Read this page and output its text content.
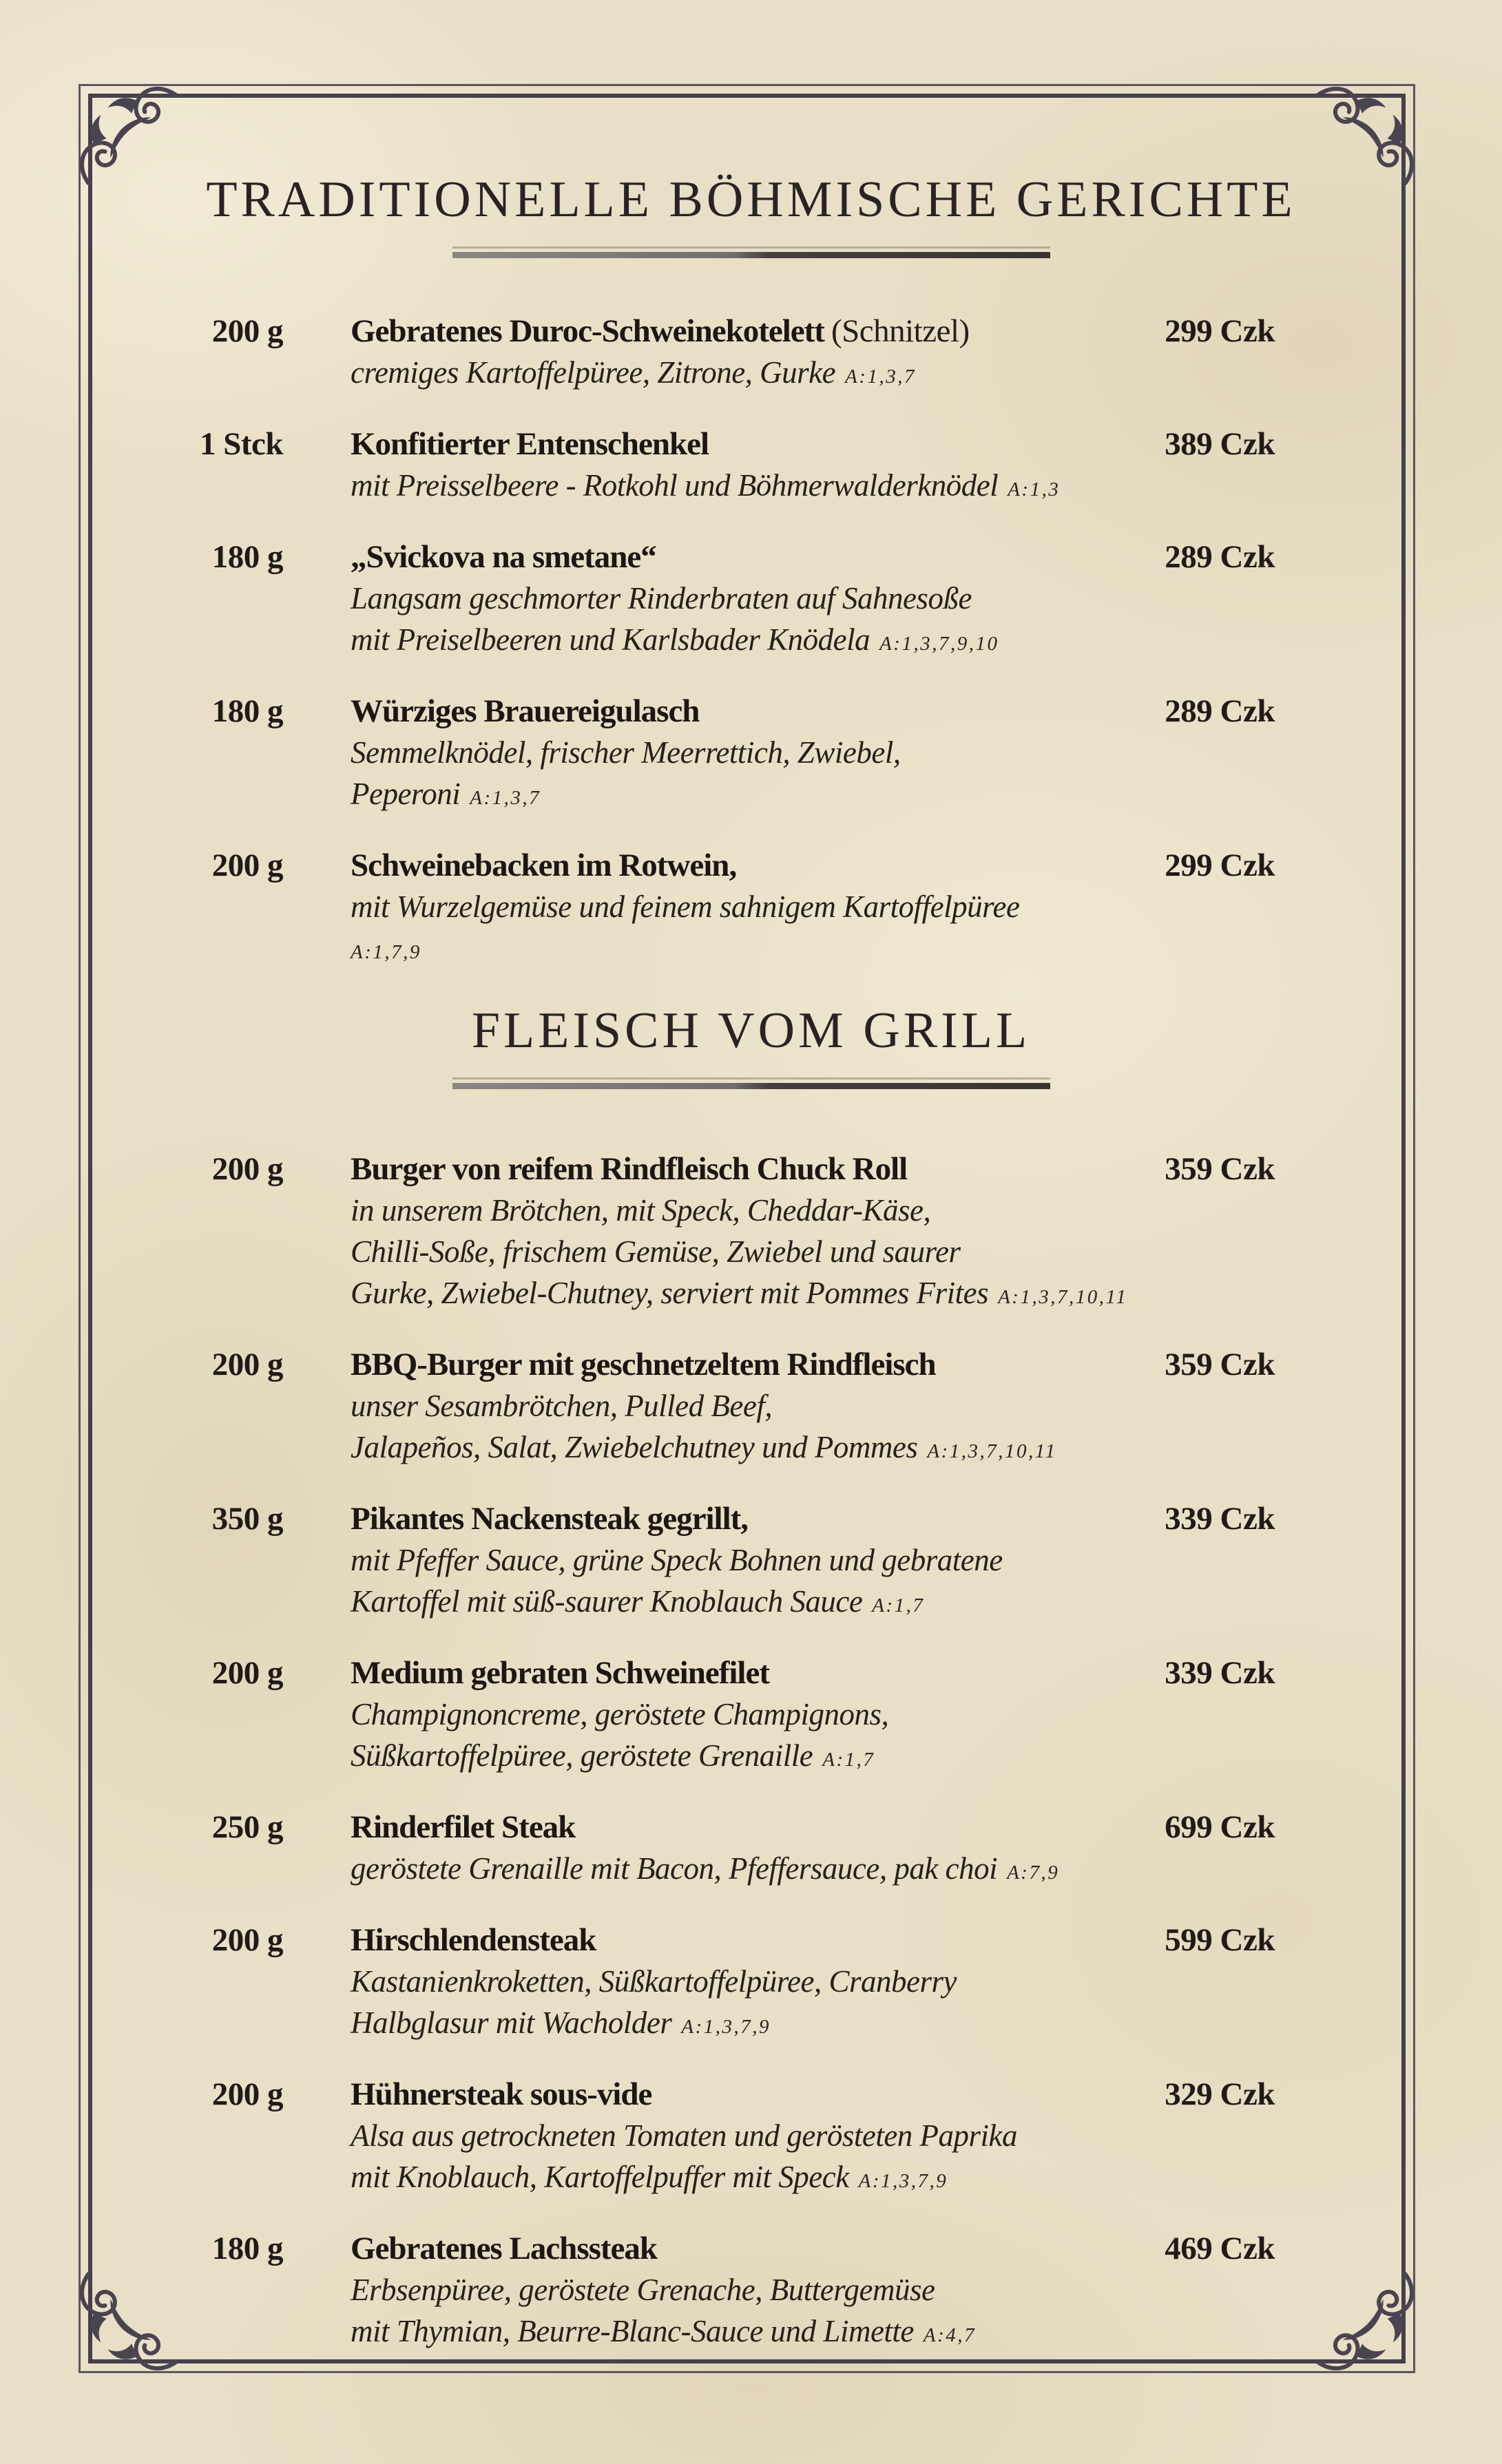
TRADITIONELLE BÖHMISCHE GERICHTE
200 g	Gebratenes Duroc-Schweinekotelett (Schnitzel)	299 Czk
cremiges Kartoffelpüree, Zitrone, Gurke A:1,3,7
1 Stck	Konfitierter Entenschenkel	389 Czk
mit Preisselbeere - Rotkohl und Böhmerwalderknödel A:1,3
180 g	„Svickova na smetane“	289 Czk
Langsam geschmorter Rinderbraten auf Sahnesoße
mit Preiselbeeren und Karlsbader Knödela A:1,3,7,9,10
180 g	Würziges Brauereigulasch	289 Czk
Semmelknödel, frischer Meerrettich, Zwiebel,
Peperoni A:1,3,7
200 g	Schweinebacken im Rotwein,	299 Czk
mit Wurzelgemüse und feinem sahnigem Kartoffelpüree
A:1,7,9
FLEISCH VOM GRILL
200 g	Burger von reifem Rindfleisch Chuck Roll	359 Czk
in unserem Brötchen, mit Speck, Cheddar-Käse,
Chilli-Soße, frischem Gemüse, Zwiebel und saurer
Gurke, Zwiebel-Chutney, serviert mit Pommes Frites A:1,3,7,10,11
200 g	BBQ-Burger mit geschnetzeltem Rindfleisch	359 Czk
unser Sesambrötchen, Pulled Beef,
Jalapeños, Salat, Zwiebelchutney und Pommes A:1,3,7,10,11
350 g	Pikantes Nackensteak gegrillt,	339 Czk
mit Pfeffer Sauce, grüne Speck Bohnen und gebratene
Kartoffel mit süß-saurer Knoblauch Sauce A:1,7
200 g	Medium gebraten Schweinefilet	339 Czk
Champignoncreme, geröstete Champignons,
Süßkartoffelpüree, geröstete Grenaille A:1,7
250 g	Rinderfilet Steak	699 Czk
geröstete Grenaille mit Bacon, Pfeffersauce, pak choi A:7,9
200 g	Hirschlendensteak	599 Czk
Kastanienkroketten, Süßkartoffelpüree, Cranberry
Halbglasur mit Wacholder A:1,3,7,9
200 g	Hühnersteak sous-vide	329 Czk
Alsa aus getrockneten Tomaten und gerösteten Paprika
mit Knoblauch, Kartoffelpuffer mit Speck A:1,3,7,9
180 g	Gebratenes Lachssteak	469 Czk
Erbsenpüree, geröstete Grenache, Buttergemüse
mit Thymian, Beurre-Blanc-Sauce und Limette A:4,7
